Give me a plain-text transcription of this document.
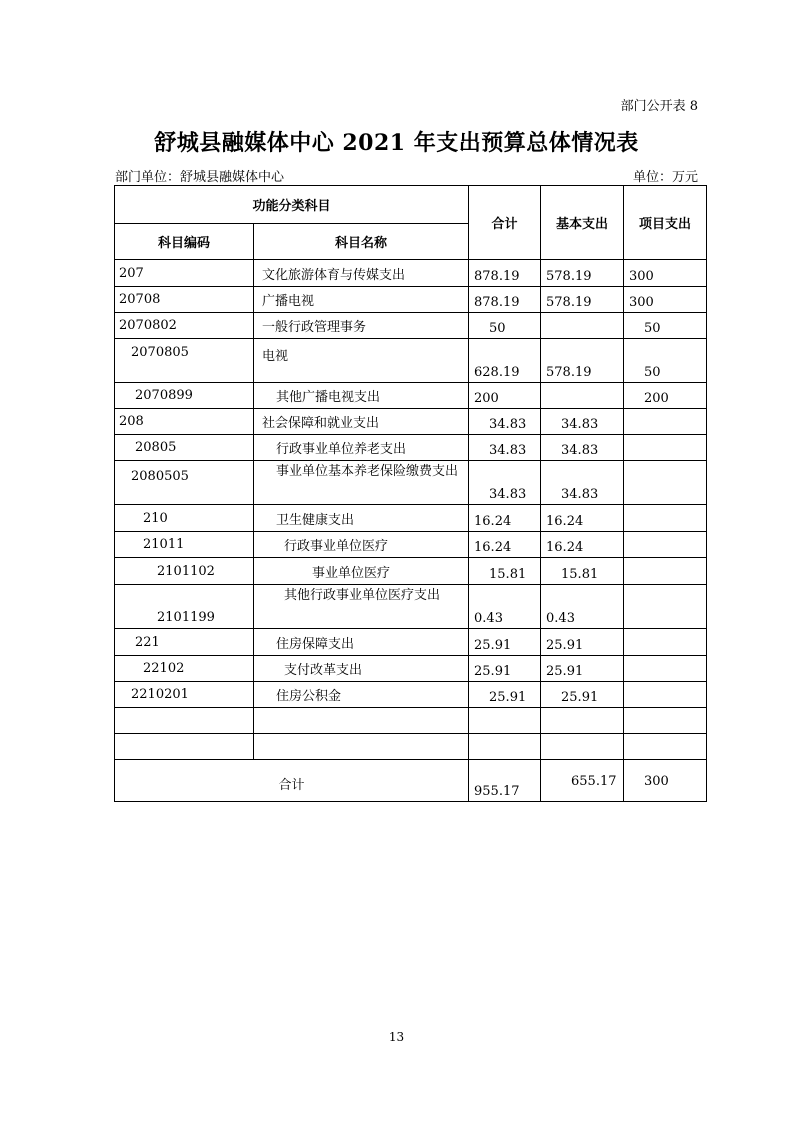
部门公开表 8
舒城县融媒体中心 2021 年支出预算总体情况表
部门单位：舒城县融媒体中心	单位：万元
功能分类科目		合计	基本支出	项目支出
科目编码	科目名称			
207	文化旅游体育与传媒支出	878.19	578.19	300
20708	广播电视	878.19	578.19	300
2070802	一般行政管理事务	50		50
2070805	电视	628.19	578.19	50
2070899	其他广播电视支出	200		200
208	社会保障和就业支出	34.83	34.83	
20805	行政事业单位养老支出	34.83	34.83	
2080505	事业单位基本养老保险缴费支出	34.83	34.83	
210	卫生健康支出	16.24	16.24	
21011	行政事业单位医疗	16.24	16.24	
2101102	事业单位医疗	15.81	15.81	
2101199	其他行政事业单位医疗支出	0.43	0.43	
221	住房保障支出	25.91	25.91	
22102	支付改革支出	25.91	25.91	
2210201	住房公积金	25.91	25.91	

合计		955.17	655.17	300
13
